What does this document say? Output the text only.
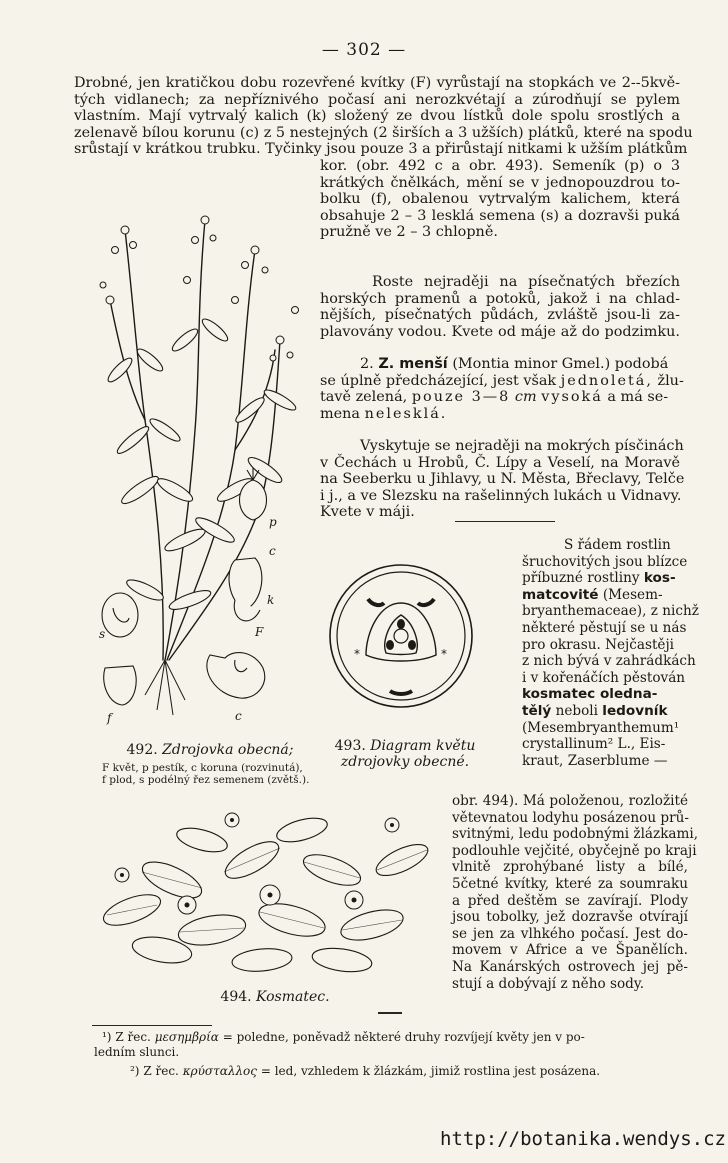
— 302 —
Drobné, jen kratičkou dobu rozevřené kvítky (F) vyrůstají na stopkách ve 2--5kvě-
tých vidlanech; za nepříznivého počasí ani nerozkvétají a zúrodňují se pylem
vlastním. Mají vytrvalý kalich (k) složený ze dvou lístků dole spolu srostlých a
zelenavě bílou korunu (c) z 5 nestejných (2 širších a 3 užších) plátků, které na spodu
srůstají v krátkou trubku. Tyčinky jsou pouze 3 a přirůstají nitkami k užším plátkům
kor. (obr. 492 c a obr. 493). Semeník (p) o 3
krátkých čnělkách, mění se v jednopouzdrou to-
bolku (f), obalenou vytrvalým kalichem, která
obsahuje 2 – 3 lesklá semena (s) a dozravši puká
pružně ve 2 – 3 chlopně.
Roste nejraději na písečnatých březích
horských pramenů a potoků, jakož i na chlad-
nějších, písečnatých půdách, zvláště jsou-li za-
plavovány vodou. Kvete od máje až do podzimku.
2. Z. menší (Montia minor Gmel.) podobá
se úplně předcházející, jest však jednoletá, žlu-
tavě zelená, pouze 3—8 cm vysoká a má se-
mena nelesklá.
Vyskytuje se nejraději na mokrých písčinách
v Čechách u Hrobů, Č. Lípy a Veselí, na Moravě
na Seeberku u Jihlavy, u N. Města, Břeclavy, Telče
i j., a ve Slezsku na rašelinných lukách u Vidnavy.
Kvete v máji.
S řádem rostlin
šruchovitých jsou blízce
příbuzné rostliny kos-
matcovité (Mesem-
bryanthemaceae), z nichž
některé pěstují se u nás
pro okrasu. Nejčastěji
z nich bývá v zahrádkách
i v kořenáčích pěstován
kosmatec olednа-
tělý neboli ledovník
(Mesembryanthemum¹
crystallinum² L., Eis-
kraut, Zaserblume —
obr. 494). Má položenou, rozložité
větevnatou lodyhu posázenou prů-
svitnými, ledu podobnými žlázkami,
podlouhle vejčité, obyčejně po kraji
vlnitě zprohýbané listy a bílé,
5četné kvítky, které za soumraku
a před deštěm se zavírají. Plody
jsou tobolky, jež dozravše otvírají
se jen za vlhkého počasí. Jest do-
movem v Africe a ve Španělích.
Na Kanárských ostrovech jej pě-
stují a dobývají z něho sody.
p
c
k
F
s
f	c
492. Zdrojovka obecná;
F květ, p pestík, c koruna (rozvinutá),
f plod, s podélný řez semenem (zvětš.).
*	*
493. Diagram květu
zdrojovky obecné.
494. Kosmatec.
¹) Z řec. μεσημβρία = poledne, poněvadž některé druhy rozvíjejí květy jen v po-
ledním slunci.
²) Z řec. κρύσταλλος = led, vzhledem k žlázkám, jimiž rostlina jest posázena.
http://botanika.wendys.cz
